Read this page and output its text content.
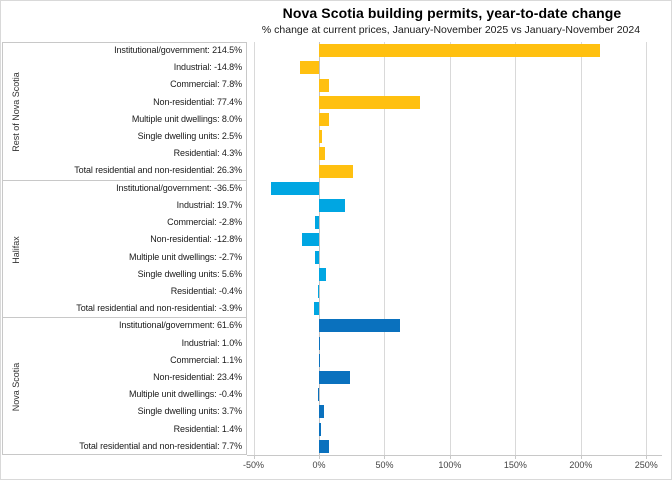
Nova Scotia building permits, year-to-date change
% change at current prices, January-November 2025 vs January-November 2024
Rest of Nova Scotia
Institutional/government: 214.5%
Industrial: -14.8%
Commercial: 7.8%
Non-residential: 77.4%
Multiple unit dwellings: 8.0%
Single dwelling units: 2.5%
Residential: 4.3%
Total residential and non-residential: 26.3%
Halifax
Institutional/government: -36.5%
Industrial: 19.7%
Commercial: -2.8%
Non-residential: -12.8%
Multiple unit dwellings: -2.7%
Single dwelling units: 5.6%
Residential: -0.4%
Total residential and non-residential: -3.9%
Nova Scotia
Institutional/government: 61.6%
Industrial: 1.0%
Commercial: 1.1%
Non-residential: 23.4%
Multiple unit dwellings: -0.4%
Single dwelling units: 3.7%
Residential: 1.4%
Total residential and non-residential: 7.7%
-50%	0%	50%	100%	150%	200%	250%
